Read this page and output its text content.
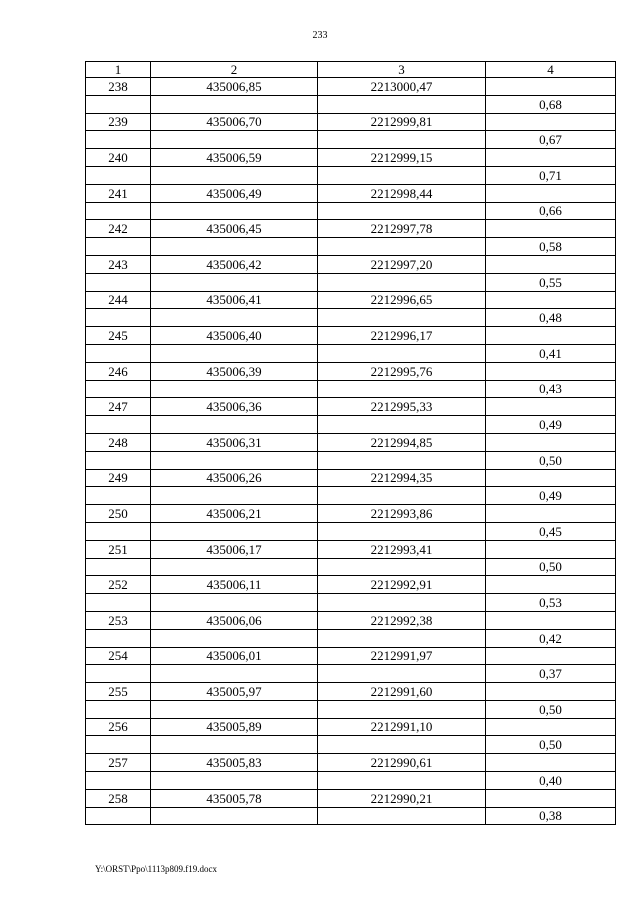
233
1	2	3	4
238	435006,85	2213000,47	
			0,68
239	435006,70	2212999,81	
			0,67
240	435006,59	2212999,15	
			0,71
241	435006,49	2212998,44	
			0,66
242	435006,45	2212997,78	
			0,58
243	435006,42	2212997,20	
			0,55
244	435006,41	2212996,65	
			0,48
245	435006,40	2212996,17	
			0,41
246	435006,39	2212995,76	
			0,43
247	435006,36	2212995,33	
			0,49
248	435006,31	2212994,85	
			0,50
249	435006,26	2212994,35	
			0,49
250	435006,21	2212993,86	
			0,45
251	435006,17	2212993,41	
			0,50
252	435006,11	2212992,91	
			0,53
253	435006,06	2212992,38	
			0,42
254	435006,01	2212991,97	
			0,37
255	435005,97	2212991,60	
			0,50
256	435005,89	2212991,10	
			0,50
257	435005,83	2212990,61	
			0,40
258	435005,78	2212990,21	
			0,38
Y:\ORST\Ppo\1113p809.f19.docx
